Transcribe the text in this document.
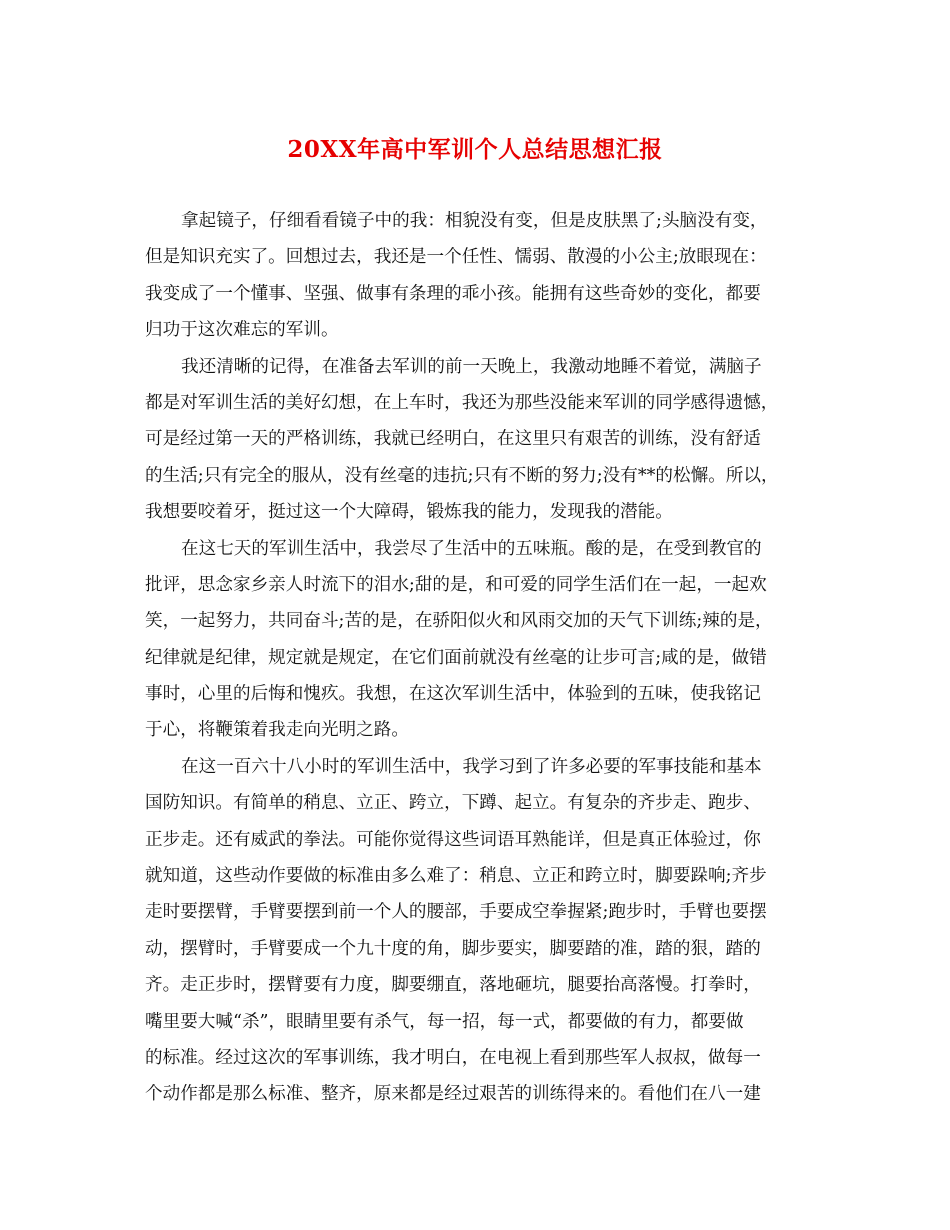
20XX年高中军训个人总结思想汇报
拿起镜子，仔细看看镜子中的我：相貌没有变，但是皮肤黑了;头脑没有变，
但是知识充实了。回想过去，我还是一个任性、懦弱、散漫的小公主;放眼现在：
我变成了一个懂事、坚强、做事有条理的乖小孩。能拥有这些奇妙的变化，都要
归功于这次难忘的军训。
我还清晰的记得，在准备去军训的前一天晚上，我激动地睡不着觉，满脑子
都是对军训生活的美好幻想，在上车时，我还为那些没能来军训的同学感得遗憾，
可是经过第一天的严格训练，我就已经明白，在这里只有艰苦的训练，没有舒适
的生活;只有完全的服从，没有丝毫的违抗;只有不断的努力;没有**的松懈。所以，
我想要咬着牙，挺过这一个大障碍，锻炼我的能力，发现我的潜能。
在这七天的军训生活中，我尝尽了生活中的五味瓶。酸的是，在受到教官的
批评，思念家乡亲人时流下的泪水;甜的是，和可爱的同学生活们在一起，一起欢
笑，一起努力，共同奋斗;苦的是，在骄阳似火和风雨交加的天气下训练;辣的是，
纪律就是纪律，规定就是规定，在它们面前就没有丝毫的让步可言;咸的是，做错
事时，心里的后悔和愧疚。我想，在这次军训生活中，体验到的五味，使我铭记
于心，将鞭策着我走向光明之路。
在这一百六十八小时的军训生活中，我学习到了许多必要的军事技能和基本
国防知识。有简单的稍息、立正、跨立，下蹲、起立。有复杂的齐步走、跑步、
正步走。还有威武的拳法。可能你觉得这些词语耳熟能详，但是真正体验过，你
就知道，这些动作要做的标准由多么难了：稍息、立正和跨立时，脚要跺响;齐步
走时要摆臂，手臂要摆到前一个人的腰部，手要成空拳握紧;跑步时，手臂也要摆
动，摆臂时，手臂要成一个九十度的角，脚步要实，脚要踏的准，踏的狠，踏的
齐。走正步时，摆臂要有力度，脚要绷直，落地砸坑，腿要抬高落慢。打拳时，
嘴里要大喊“杀”，眼睛里要有杀气，每一招，每一式，都要做的有力，都要做
的标准。经过这次的军事训练，我才明白，在电视上看到那些军人叔叔，做每一
个动作都是那么标准、整齐，原来都是经过艰苦的训练得来的。看他们在八一建
